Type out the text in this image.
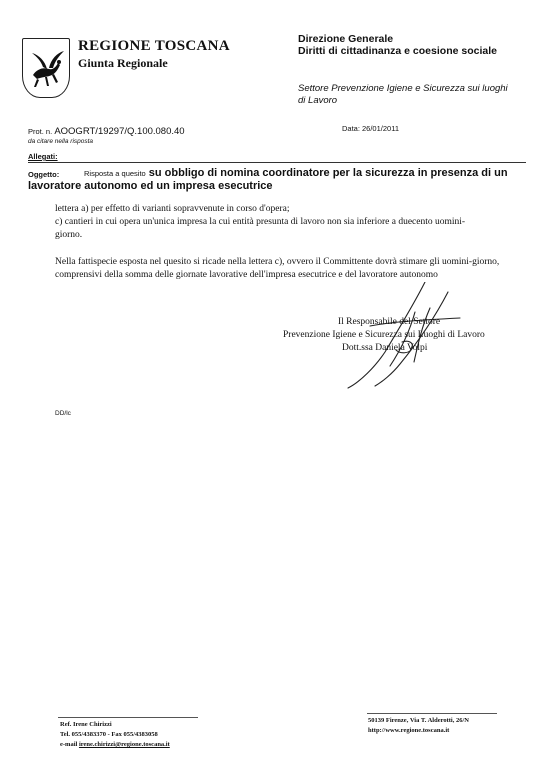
REGIONE TOSCANA
Giunta Regionale
Direzione Generale
Diritti di cittadinanza e coesione sociale
Settore Prevenzione Igiene e Sicurezza sui luoghi
di Lavoro
Prot. n. AOOGRT/19297/Q.100.080.40
da citare nella risposta
Data: 26/01/2011
Allegati:
Oggetto:	Risposta a quesito su obbligo di nomina coordinatore per la sicurezza in presenza di un
lavoratore autonomo ed un impresa esecutrice
lettera a) per effetto di varianti sopravvenute in corso d'opera;
c) cantieri in cui opera un'unica impresa la cui entità presunta di lavoro non sia inferiore a duecento uomini-giorno.
Nella fattispecie esposta nel quesito si ricade nella lettera c), ovvero il Committente dovrà stimare gli uomini-giorno, comprensivi della somma delle giornate lavorative dell'impresa esecutrice e del lavoratore autonomo
Il Responsabile del Settore
Prevenzione Igiene e Sicurezza sui Luoghi di Lavoro
Dott.ssa Daniela Volpi
DD/lc
Ref. Irene Chirizzi
Tel. 055/4383370 - Fax 055/4383058
e-mail irene.chirizzi@regione.toscana.it
50139 Firenze, Via T. Alderotti, 26/N
http://www.regione.toscana.it
